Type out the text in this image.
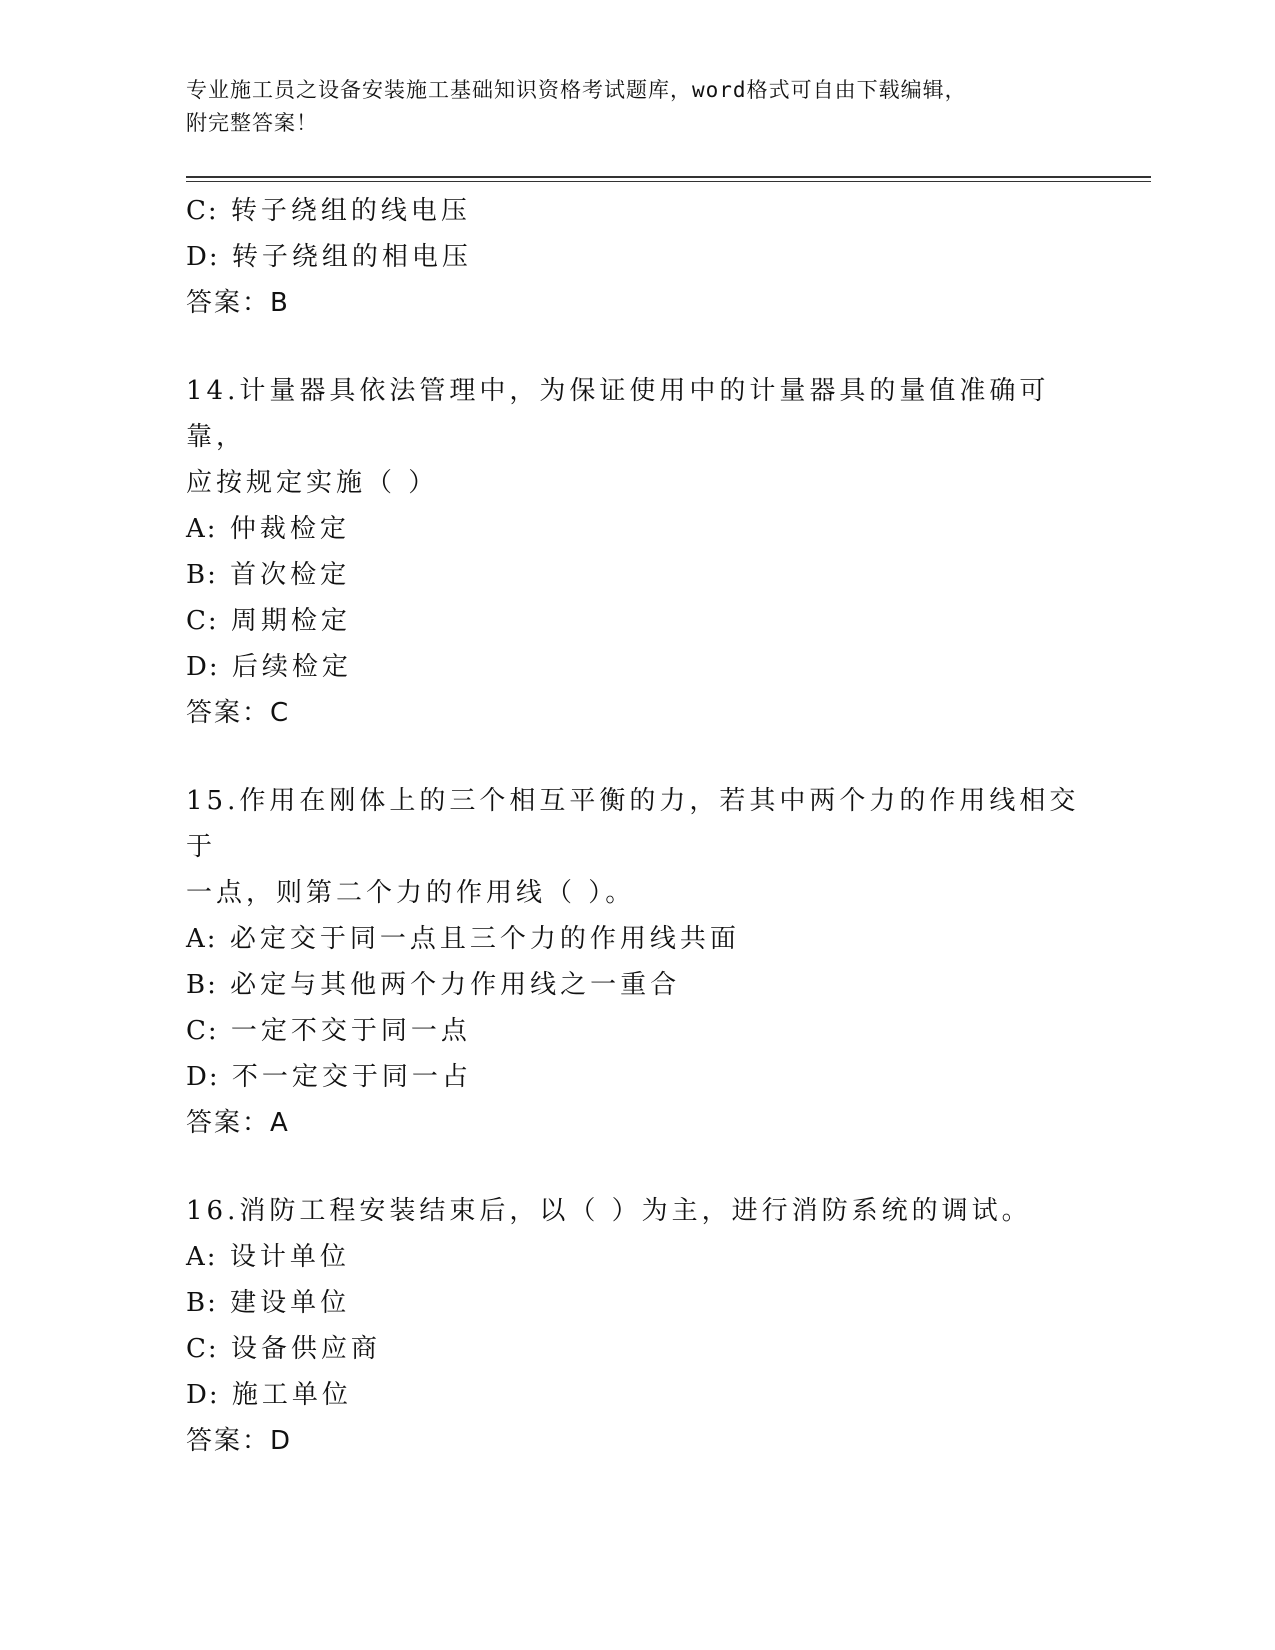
专业施工员之设备安装施工基础知识资格考试题库，word格式可自由下载编辑，
附完整答案！
C: 转子绕组的线电压
D: 转子绕组的相电压
答案：B
14.计量器具依法管理中，为保证使用中的计量器具的量值准确可靠，
应按规定实施（ ）
A: 仲裁检定
B: 首次检定
C: 周期检定
D: 后续检定
答案：C
15.作用在刚体上的三个相互平衡的力，若其中两个力的作用线相交于
一点，则第二个力的作用线（ ）。
A: 必定交于同一点且三个力的作用线共面
B: 必定与其他两个力作用线之一重合
C: 一定不交于同一点
D: 不一定交于同一占
答案：A
16.消防工程安装结束后，以（ ）为主，进行消防系统的调试。
A: 设计单位
B: 建设单位
C: 设备供应商
D: 施工单位
答案：D
